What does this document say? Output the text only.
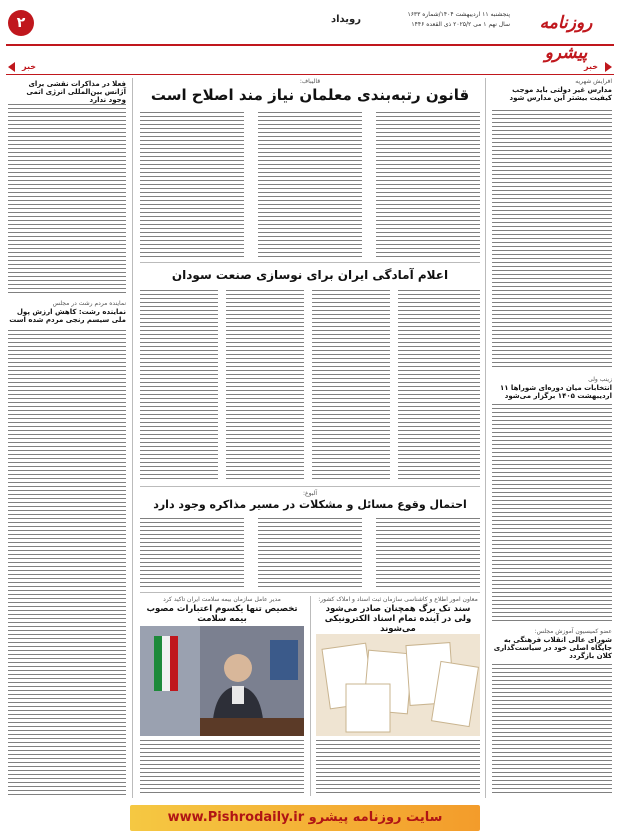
روزنامه پیشرو
پنجشنبه ۱۱ اردیبهشت ۱۴۰۴/شماره ۱۶۳۳
سال نهم ۱ می ۲۰۲۵/۲ ذی القعده ۱۴۴۶
رویداد
۲
خبر
خبر
افرایش شهریه
مدارس غیر دولتی باید موجب کیفیت بیشتر این مدارس شود
زینب ولی
انتخابات میان دوره‌ای شوراها ۱۱ اردیبهشت ۱۴۰۵ برگزار می‌شود
عضو کمیسیون آموزش مجلس:
شورای عالی انقلاب فرهنگی به جایگاه اصلی خود در سیاست‌گذاری کلان بازگردد
فعلا در مذاکرات نقشی برای آژانس بین‌المللی انرژی اتمی وجود ندارد
نماینده مردم رشت در مجلس
نماینده رشت: کاهش ارزش پول ملی سیسم رنجی مردم شده است
قالیباف:
قانون رتبه‌بندی معلمان نیاز مند اصلاح است
اعلام آمادگی ایران برای نوسازی صنعت سودان
آلبوغ:
احتمال وقوع مسائل و مشکلات در مسیر مذاکره وجود دارد
مدیر عامل سازمان بیمه سلامت ایران تاکید کرد
تخصیص تنها یکسوم اعتبارات مصوب بیمه سلامت
معاون امور اطلاع و کاشناسی سازمان ثبت اسناد و املاک کشور:
سند تک برگ همچنان صادر می‌شود ولی در آینده تمام اسناد الکترونیکی می‌شوند
سایت روزنامه پیشرو www.Pishrodaily.ir
